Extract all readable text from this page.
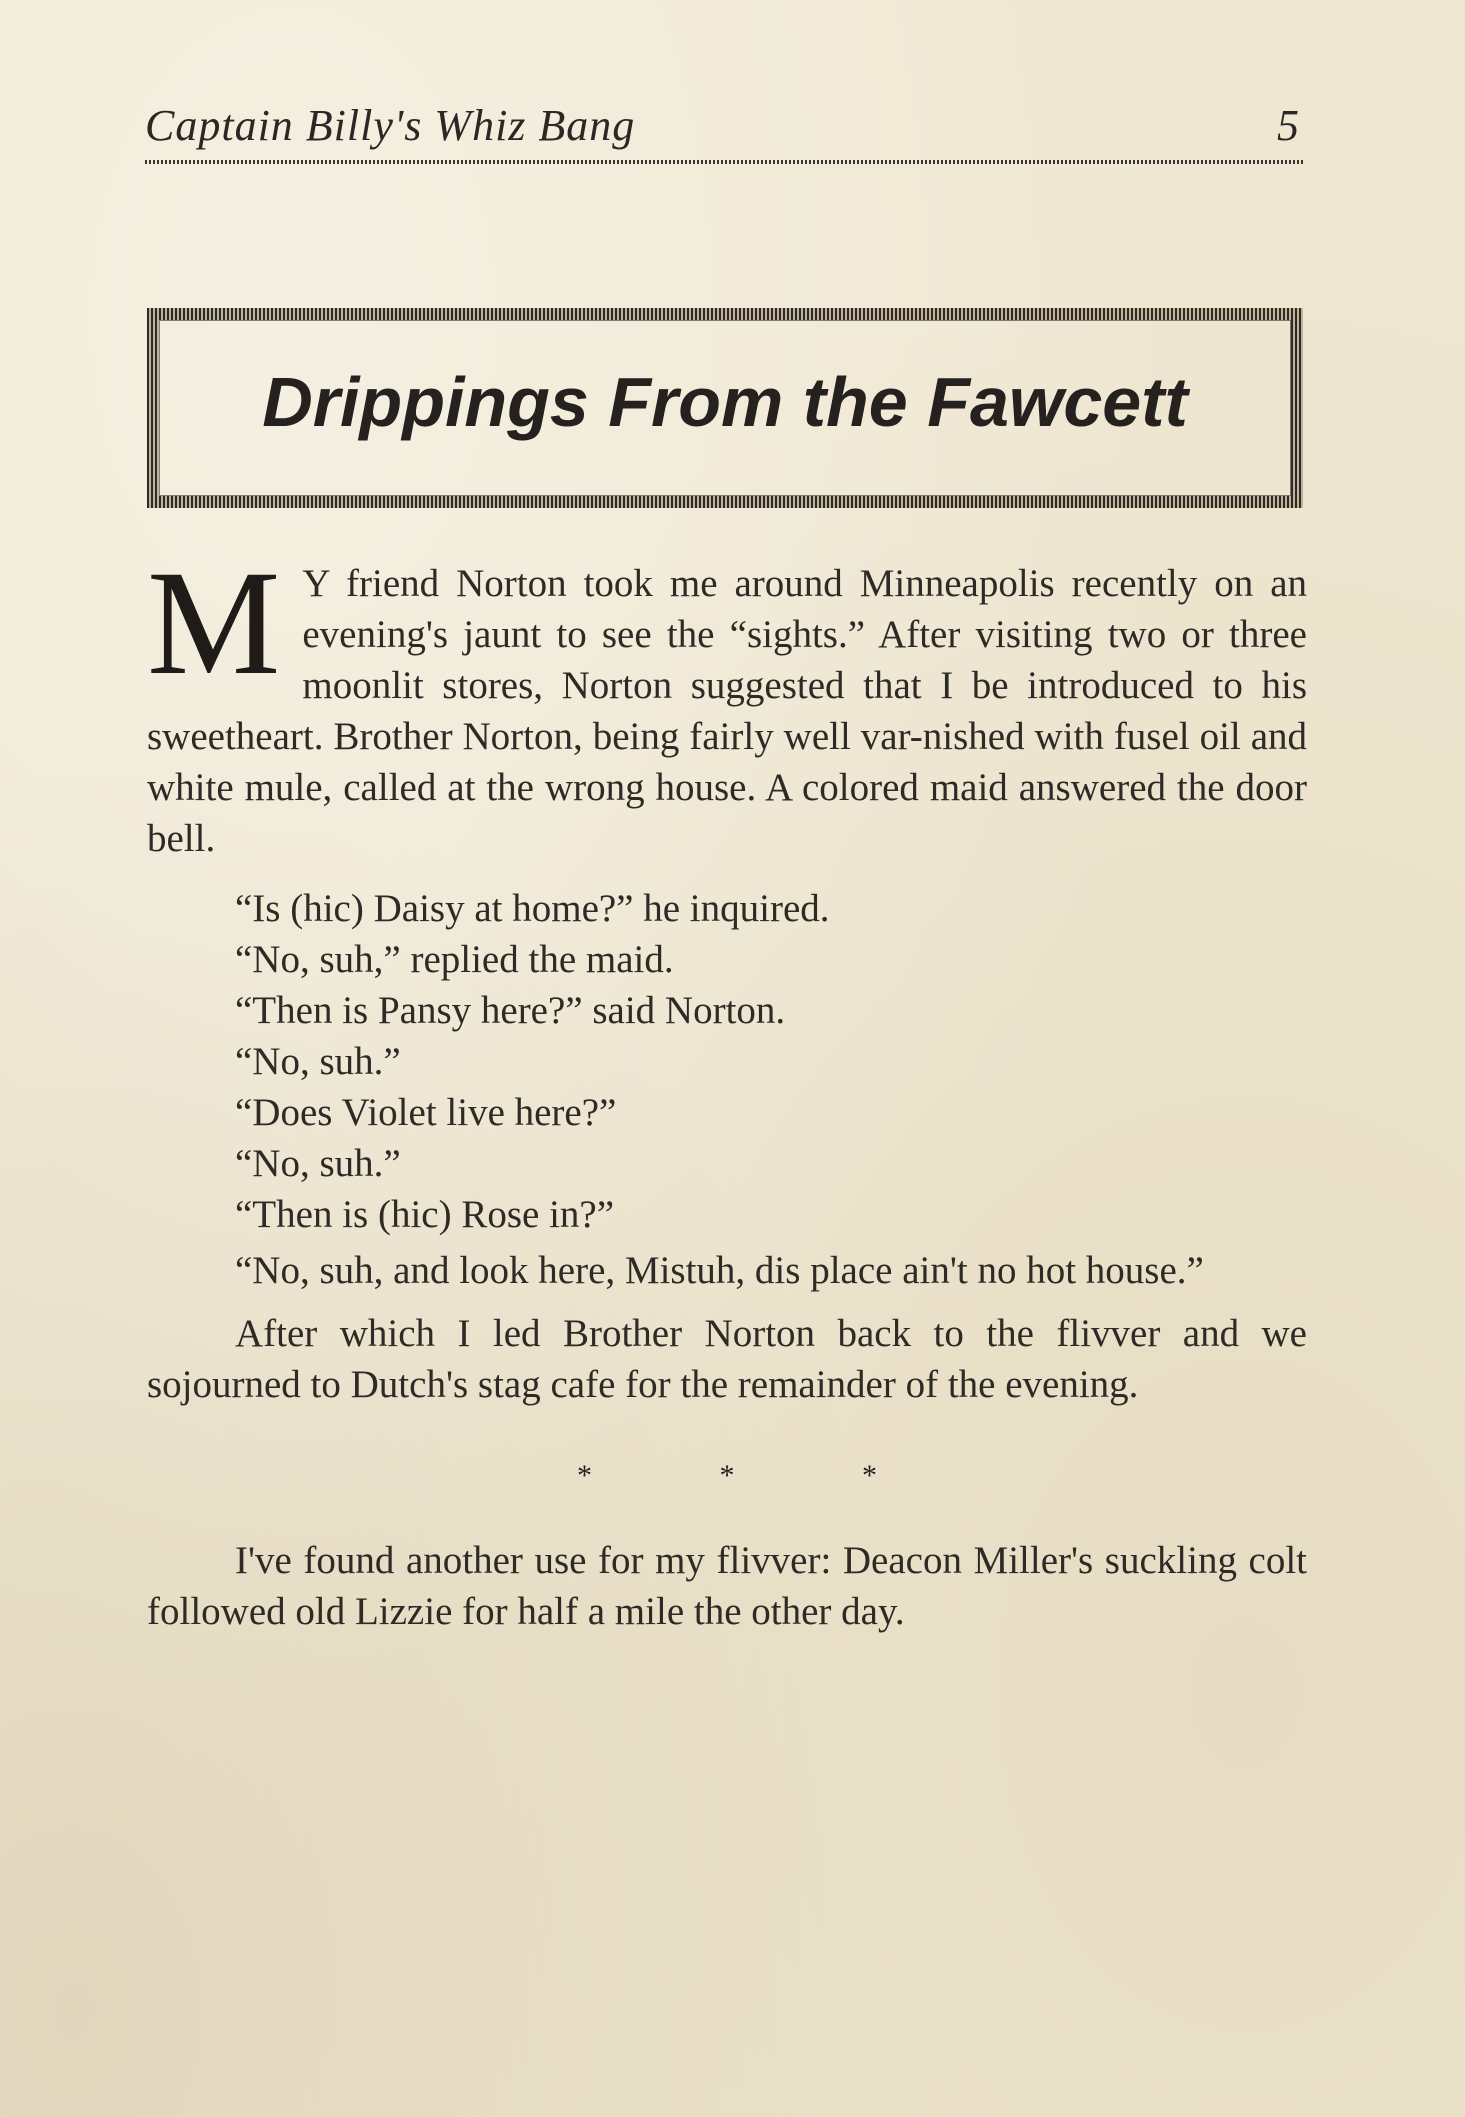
Captain Billy's Whiz Bang	5
Drippings From the Fawcett

M Y friend Norton took me around Minneapolis recently on an evening's jaunt to see the “sights.” After visiting two or three moonlit stores, Norton suggested that I be introduced to his sweetheart. Brother Norton, being fairly well var-nished with fusel oil and white mule, called at the wrong house. A colored maid answered the door bell.

“Is (hic) Daisy at home?” he inquired.

“No, suh,” replied the maid.

“Then is Pansy here?” said Norton.

“No, suh.”

“Does Violet live here?”

“No, suh.”

“Then is (hic) Rose in?”

“No, suh, and look here, Mistuh, dis place ain't no hot house.”

After which I led Brother Norton back to the flivver and we sojourned to Dutch's stag cafe for the remainder of the evening.

* * *

I've found another use for my flivver: Deacon Miller's suckling colt followed old Lizzie for half a mile the other day.
